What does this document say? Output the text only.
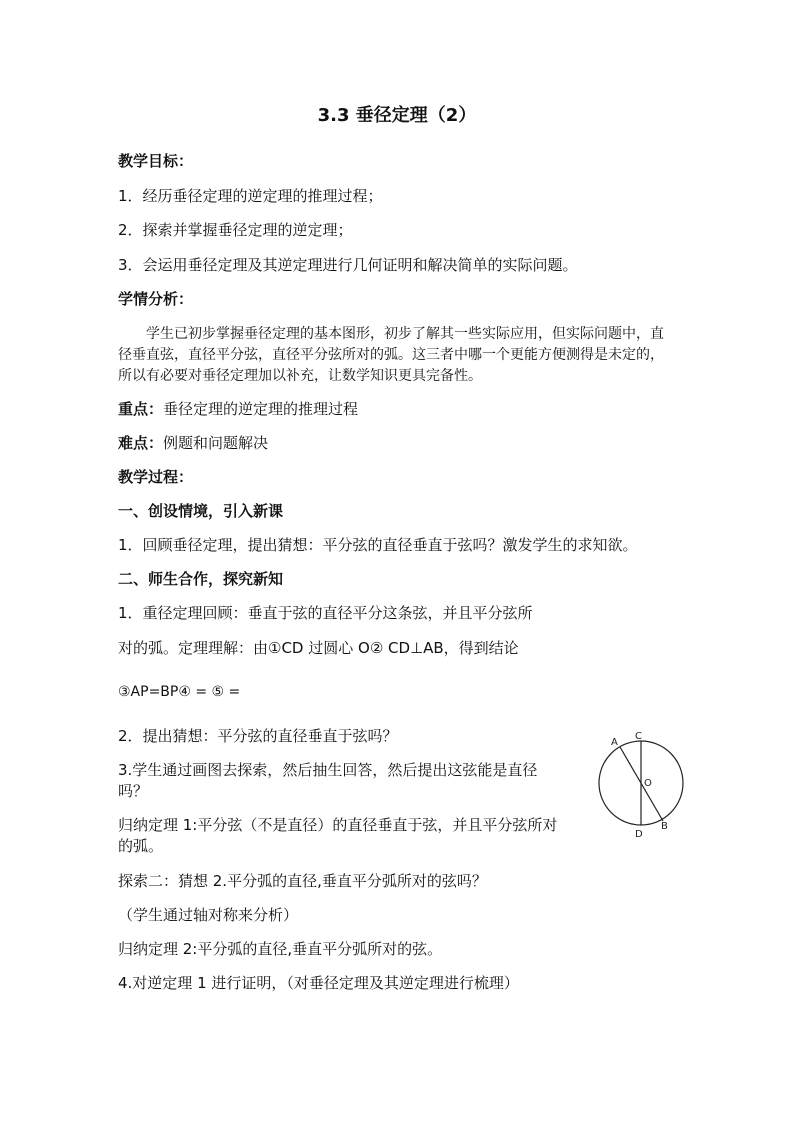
3.3 垂径定理（2）
教学目标：
1．经历垂径定理的逆定理的推理过程；
2．探索并掌握垂径定理的逆定理；
3．会运用垂径定理及其逆定理进行几何证明和解决简单的实际问题。
学情分析：
学生已初步掌握垂径定理的基本图形，初步了解其一些实际应用，但实际问题中，直
径垂直弦，直径平分弦，直径平分弦所对的弧。这三者中哪一个更能方便测得是未定的，
所以有必要对垂径定理加以补充，让数学知识更具完备性。
重点：垂径定理的逆定理的推理过程
难点：例题和问题解决
教学过程：
一、创设情境，引入新课
1．回顾垂径定理，提出猜想：平分弦的直径垂直于弦吗？激发学生的求知欲。
二、师生合作，探究新知
1．重径定理回顾：垂直于弦的直径平分这条弦，并且平分弦所
对的弧。定理理解：由①CD 过圆心 O② CD⊥AB，得到结论
③AP=BP④ = ⑤ =
2．提出猜想：平分弦的直径垂直于弦吗？
3.学生通过画图去探索，然后抽生回答，然后提出这弦能是直径
吗？
归纳定理 1:平分弦（不是直径）的直径垂直于弦，并且平分弦所对
的弧。
探索二：猜想 2.平分弧的直径,垂直平分弧所对的弦吗？
（学生通过轴对称来分析）
归纳定理 2:平分弧的直径,垂直平分弧所对的弦。
4.对逆定理 1 进行证明，（对垂径定理及其逆定理进行梳理）
A
C
O
D
B
